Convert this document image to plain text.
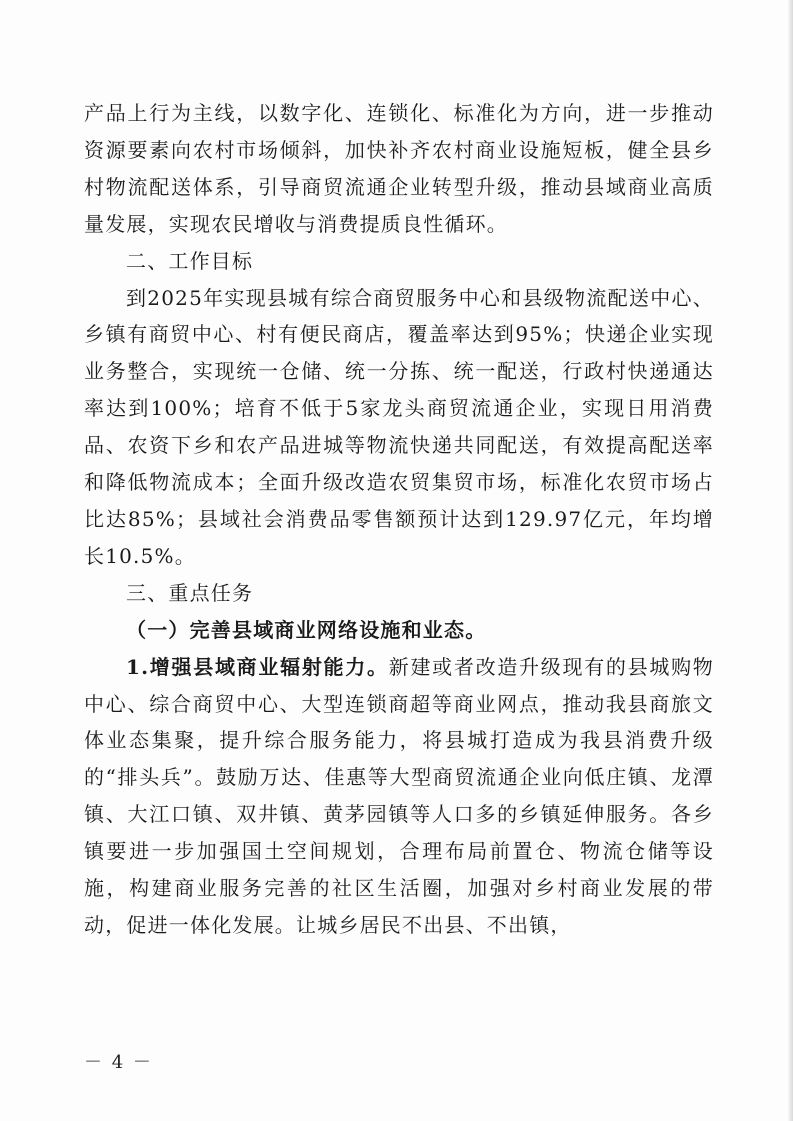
产品上行为主线，以数字化、连锁化、标准化为方向，进一步推动资源要素向农村市场倾斜，加快补齐农村商业设施短板，健全县乡村物流配送体系，引导商贸流通企业转型升级，推动县域商业高质量发展，实现农民增收与消费提质良性循环。

二、工作目标

到2025年实现县城有综合商贸服务中心和县级物流配送中心、乡镇有商贸中心、村有便民商店，覆盖率达到95%；快递企业实现业务整合，实现统一仓储、统一分拣、统一配送，行政村快递通达率达到100%；培育不低于5家龙头商贸流通企业，实现日用消费品、农资下乡和农产品进城等物流快递共同配送，有效提高配送率和降低物流成本；全面升级改造农贸集贸市场，标准化农贸市场占比达85%；县域社会消费品零售额预计达到129.97亿元，年均增长10.5%。

三、重点任务

（一）完善县域商业网络设施和业态。

1.增强县域商业辐射能力。新建或者改造升级现有的县城购物中心、综合商贸中心、大型连锁商超等商业网点，推动我县商旅文体业态集聚，提升综合服务能力，将县城打造成为我县消费升级的“排头兵”。鼓励万达、佳惠等大型商贸流通企业向低庄镇、龙潭镇、大江口镇、双井镇、黄茅园镇等人口多的乡镇延伸服务。各乡镇要进一步加强国土空间规划，合理布局前置仓、物流仓储等设施，构建商业服务完善的社区生活圈，加强对乡村商业发展的带动，促进一体化发展。让城乡居民不出县、不出镇，

－ 4 －
